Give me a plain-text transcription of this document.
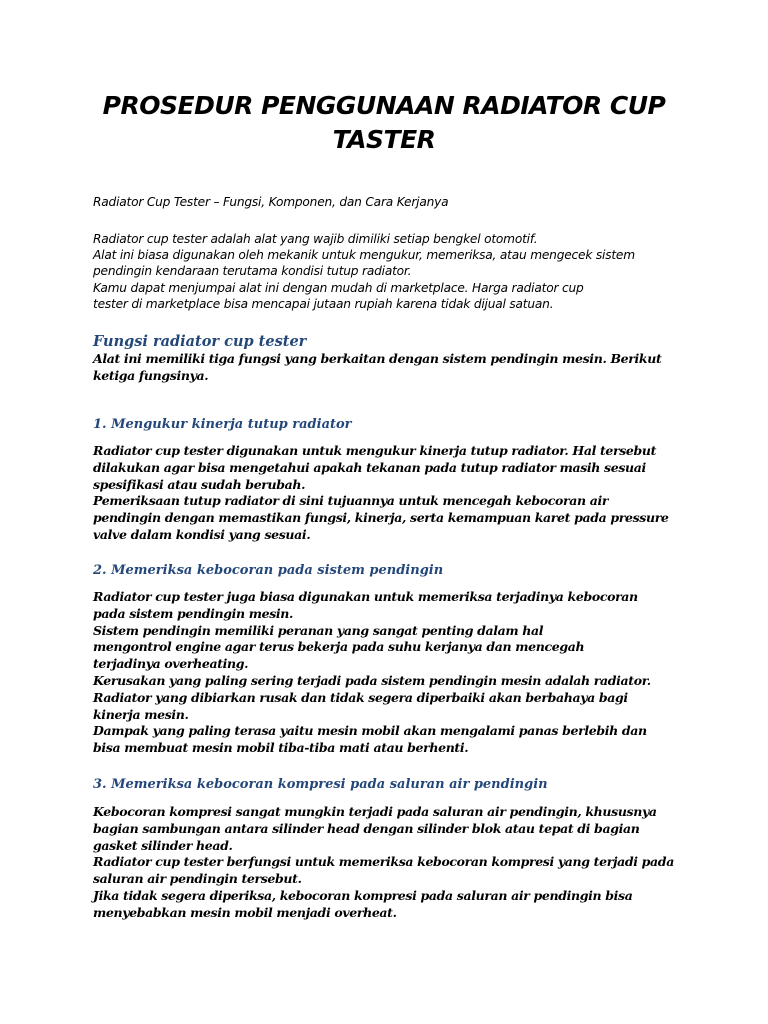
PROSEDUR PENGGUNAAN RADIATOR CUP
TASTER

Radiator Cup Tester – Fungsi, Komponen, dan Cara Kerjanya

Radiator cup tester adalah alat yang wajib dimiliki setiap bengkel otomotif.
Alat ini biasa digunakan oleh mekanik untuk mengukur, memeriksa, atau mengecek sistem
pendingin kendaraan terutama kondisi tutup radiator.
Kamu dapat menjumpai alat ini dengan mudah di marketplace. Harga radiator cup
tester di marketplace bisa mencapai jutaan rupiah karena tidak dijual satuan.

Fungsi radiator cup tester

Alat ini memiliki tiga fungsi yang berkaitan dengan sistem pendingin mesin. Berikut
ketiga fungsinya.

1. Mengukur kinerja tutup radiator

Radiator cup tester digunakan untuk mengukur kinerja tutup radiator. Hal tersebut
dilakukan agar bisa mengetahui apakah tekanan pada tutup radiator masih sesuai
spesifikasi atau sudah berubah.
Pemeriksaan tutup radiator di sini tujuannya untuk mencegah kebocoran air
pendingin dengan memastikan fungsi, kinerja, serta kemampuan karet pada pressure
valve dalam kondisi yang sesuai.

2. Memeriksa kebocoran pada sistem pendingin

Radiator cup tester juga biasa digunakan untuk memeriksa terjadinya kebocoran
pada sistem pendingin mesin.
Sistem pendingin memiliki peranan yang sangat penting dalam hal
mengontrol engine agar terus bekerja pada suhu kerjanya dan mencegah
terjadinya overheating.
Kerusakan yang paling sering terjadi pada sistem pendingin mesin adalah radiator.
Radiator yang dibiarkan rusak dan tidak segera diperbaiki akan berbahaya bagi
kinerja mesin.
Dampak yang paling terasa yaitu mesin mobil akan mengalami panas berlebih dan
bisa membuat mesin mobil tiba-tiba mati atau berhenti.

3. Memeriksa kebocoran kompresi pada saluran air pendingin

Kebocoran kompresi sangat mungkin terjadi pada saluran air pendingin, khususnya
bagian sambungan antara silinder head dengan silinder blok atau tepat di bagian
gasket silinder head.
Radiator cup tester berfungsi untuk memeriksa kebocoran kompresi yang terjadi pada
saluran air pendingin tersebut.
Jika tidak segera diperiksa, kebocoran kompresi pada saluran air pendingin bisa
menyebabkan mesin mobil menjadi overheat.
